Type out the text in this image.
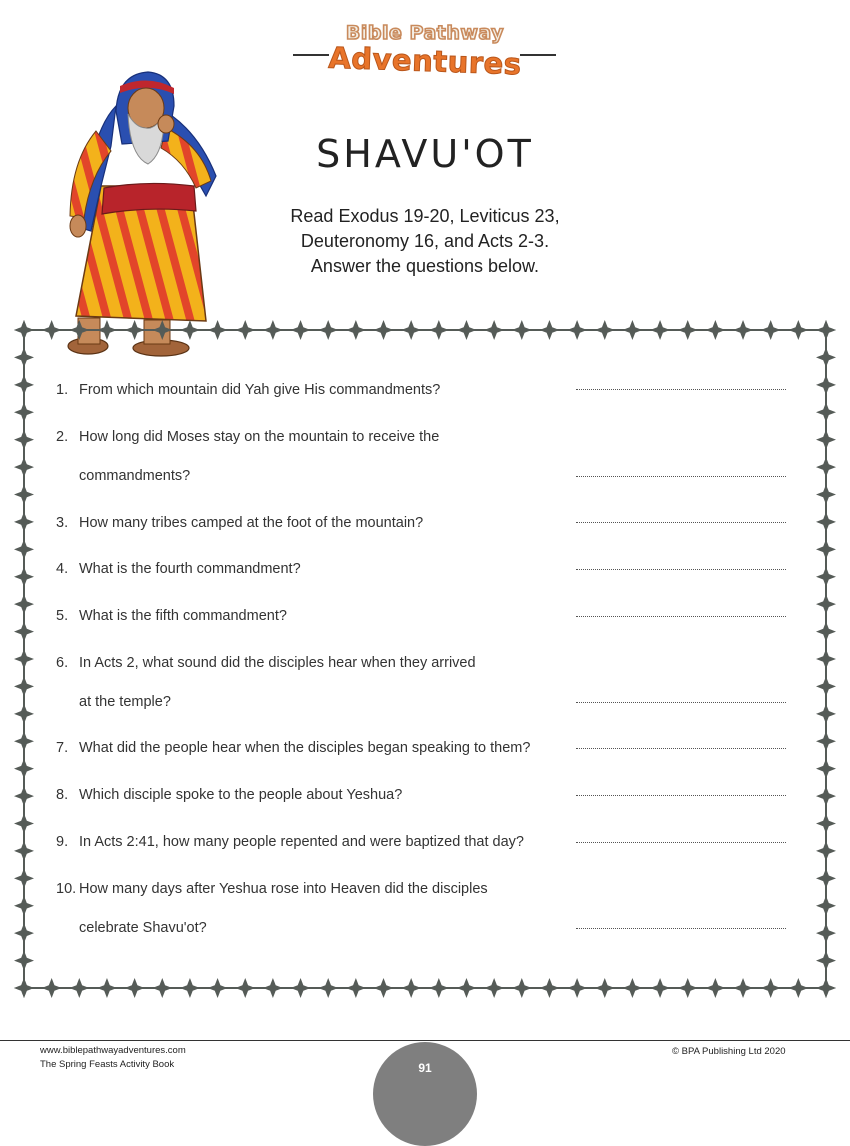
Bible Pathway
Adventures
SHAVU'OT
Read Exodus 19-20, Leviticus 23,
Deuteronomy 16, and Acts 2-3.
Answer the questions below.
1. From which mountain did Yah give His commandments?
2. How long did Moses stay on the mountain to receive the
commandments?
3. How many tribes camped at the foot of the mountain?
4. What is the fourth commandment?
5. What is the fifth commandment?
6. In Acts 2, what sound did the disciples hear when they arrived
at the temple?
7. What did the people hear when the disciples began speaking to them?
8. Which disciple spoke to the people about Yeshua?
9. In Acts 2:41, how many people repented and were baptized that day?
10. How many days after Yeshua rose into Heaven did the disciples
celebrate Shavu'ot?
www.biblepathwayadventures.com
The Spring Feasts Activity Book
© BPA Publishing Ltd 2020
91
